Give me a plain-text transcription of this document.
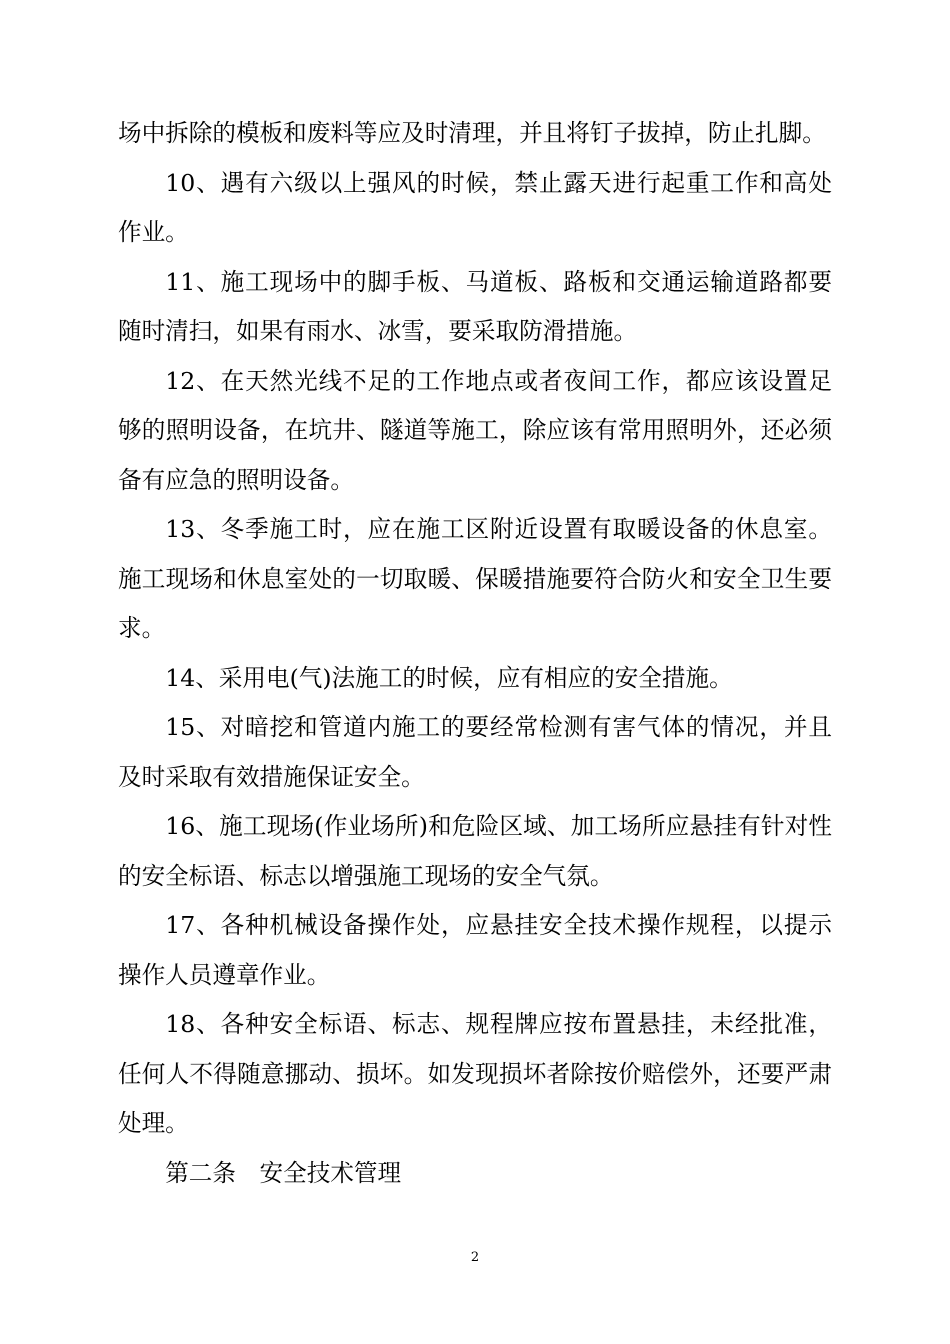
场中拆除的模板和废料等应及时清理，并且将钉子拔掉，防止扎脚。

10、遇有六级以上强风的时候，禁止露天进行起重工作和高处作业。

11、施工现场中的脚手板、马道板、路板和交通运输道路都要随时清扫，如果有雨水、冰雪，要采取防滑措施。

12、在天然光线不足的工作地点或者夜间工作，都应该设置足够的照明设备，在坑井、隧道等施工，除应该有常用照明外，还必须备有应急的照明设备。

13、冬季施工时，应在施工区附近设置有取暖设备的休息室。施工现场和休息室处的一切取暖、保暖措施要符合防火和安全卫生要求。

14、采用电(气)法施工的时候，应有相应的安全措施。

15、对暗挖和管道内施工的要经常检测有害气体的情况，并且及时采取有效措施保证安全。

16、施工现场(作业场所)和危险区域、加工场所应悬挂有针对性的安全标语、标志以增强施工现场的安全气氛。

17、各种机械设备操作处，应悬挂安全技术操作规程，以提示操作人员遵章作业。

18、各种安全标语、标志、规程牌应按布置悬挂，未经批准，任何人不得随意挪动、损坏。如发现损坏者除按价赔偿外，还要严肃处理。

第二条　安全技术管理

2
